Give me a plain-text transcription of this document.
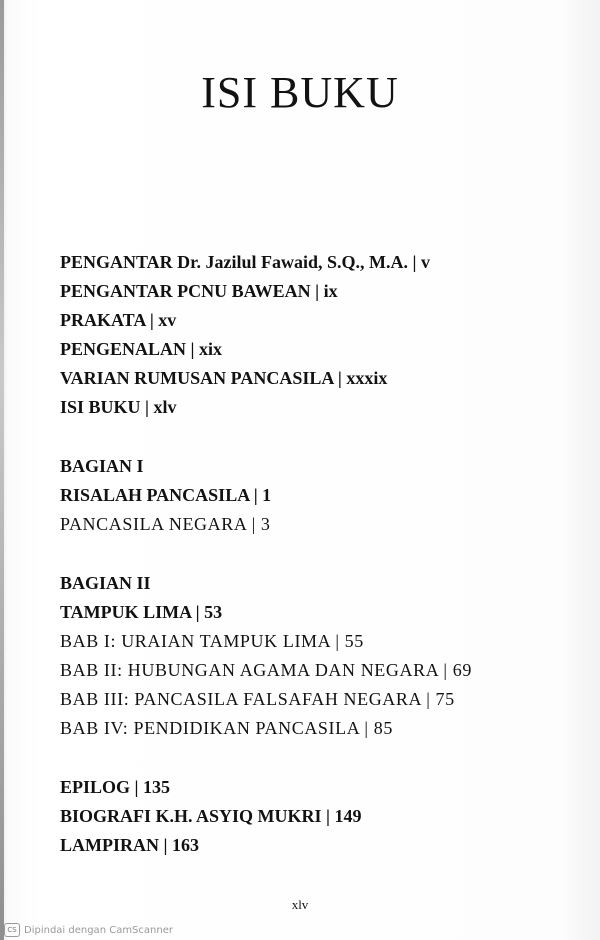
ISI BUKU
PENGANTAR Dr. Jazilul Fawaid, S.Q., M.A. | v
PENGANTAR PCNU BAWEAN | ix
PRAKATA | xv
PENGENALAN | xix
VARIAN RUMUSAN PANCASILA | xxxix
ISI BUKU | xlv
BAGIAN I
RISALAH PANCASILA | 1
PANCASILA NEGARA | 3
BAGIAN II
TAMPUK LIMA | 53
BAB I: URAIAN TAMPUK LIMA | 55
BAB II: HUBUNGAN AGAMA DAN NEGARA | 69
BAB III: PANCASILA FALSAFAH NEGARA | 75
BAB IV: PENDIDIKAN PANCASILA | 85
EPILOG | 135
BIOGRAFI K.H. ASYIQ MUKRI | 149
LAMPIRAN | 163
xlv
CS Dipindai dengan CamScanner
